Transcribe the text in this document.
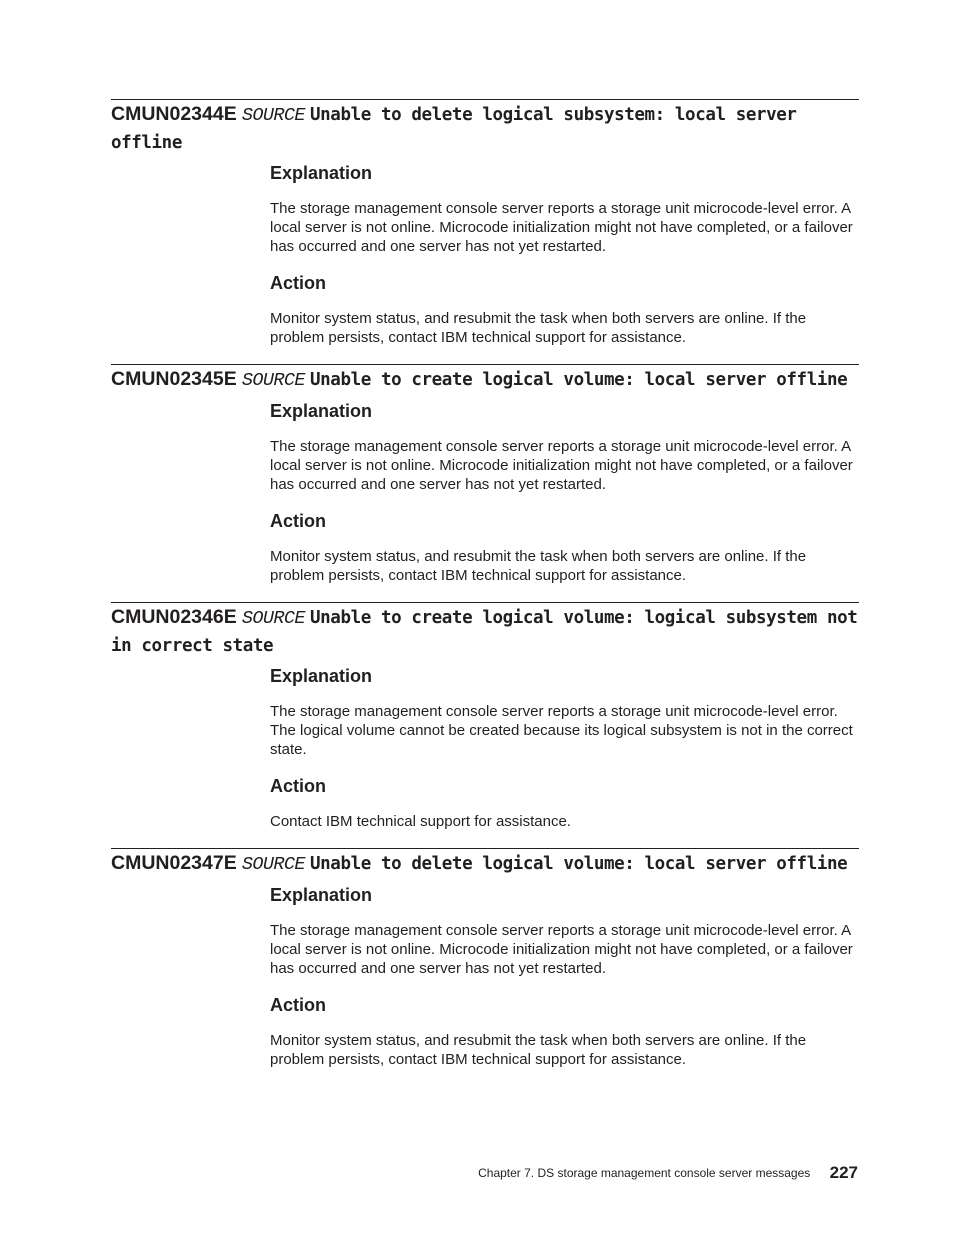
CMUN02344E SOURCE Unable to delete logical subsystem: local server offline
Explanation

The storage management console server reports a storage unit microcode-level error. A local server is not online. Microcode initialization might not have completed, or a failover has occurred and one server has not yet restarted.

Action

Monitor system status, and resubmit the task when both servers are online. If the problem persists, contact IBM technical support for assistance.

CMUN02345E SOURCE Unable to create logical volume: local server offline
Explanation

The storage management console server reports a storage unit microcode-level error. A local server is not online. Microcode initialization might not have completed, or a failover has occurred and one server has not yet restarted.

Action

Monitor system status, and resubmit the task when both servers are online. If the problem persists, contact IBM technical support for assistance.

CMUN02346E SOURCE Unable to create logical volume: logical subsystem not in correct state
Explanation

The storage management console server reports a storage unit microcode-level error. The logical volume cannot be created because its logical subsystem is not in the correct state.

Action

Contact IBM technical support for assistance.

CMUN02347E SOURCE Unable to delete logical volume: local server offline
Explanation

The storage management console server reports a storage unit microcode-level error. A local server is not online. Microcode initialization might not have completed, or a failover has occurred and one server has not yet restarted.

Action

Monitor system status, and resubmit the task when both servers are online. If the problem persists, contact IBM technical support for assistance.

Chapter 7. DS storage management console server messages 227
